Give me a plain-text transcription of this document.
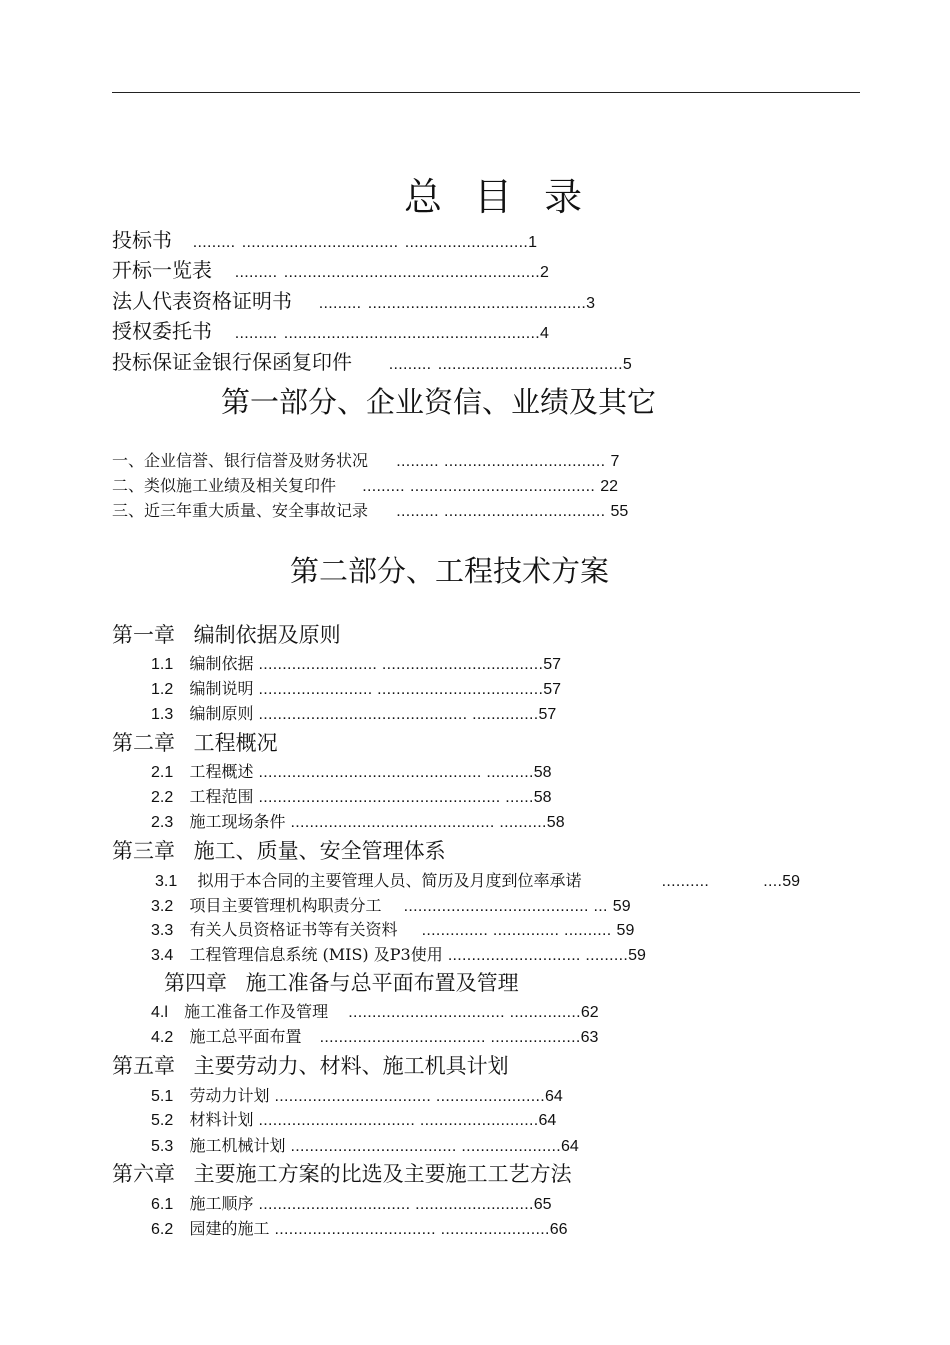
总 目 录
投标书 ......... ................................. ..........................1
开标一览表 ......... ......................................................2
法人代表资格证明书 ......... ..............................................3
授权委托书 ......... ......................................................4
投标保证金银行保函复印件 ......... .......................................5
第一部分、企业资信、业绩及其它
一、企业信誉、银行信誉及财务状况 ......... .................................. 7
二、类似施工业绩及相关复印件 ......... ....................................... 22
三、近三年重大质量、安全事故记录 ......... .................................. 55
第二部分、工程技术方案
第一章 编制依据及原则
1.1 编制依据 ......................... ..................................57
1.2 编制说明 ........................ ...................................57
1.3 编制原则 ............................................ ..............57
第二章 工程概况
2.1 工程概述 ............................................... ..........58
2.2 工程范围 ................................................... ......58
2.3 施工现场条件 ........................................... ..........58
第三章 施工、质量、安全管理体系
3.1 拟用于本合同的主要管理人员、简历及月度到位率承诺	..........	....59
3.2 项目主要管理机构职责分工 ....................................... ... 59
3.3 有关人员资格证书等有关资料 .............. .............. .......... 59
3.4 工程管理信息系统 (MIS) 及P3使用 ............................ .........59
第四章 施工准备与总平面布置及管理
4.l 施工准备工作及管理 ................................. ...............62
4.2 施工总平面布置 ................................... ...................63
第五章 主要劳动力、材料、施工机具计划
5.1 劳动力计划 ................................. .......................64
5.2 材料计划 ................................. .........................64
5.3 施工机械计划 ................................... .....................64
第六章 主要施工方案的比选及主要施工工艺方法
6.1 施工顺序 ................................ .........................65
6.2 园建的施工 .................................. .......................66
